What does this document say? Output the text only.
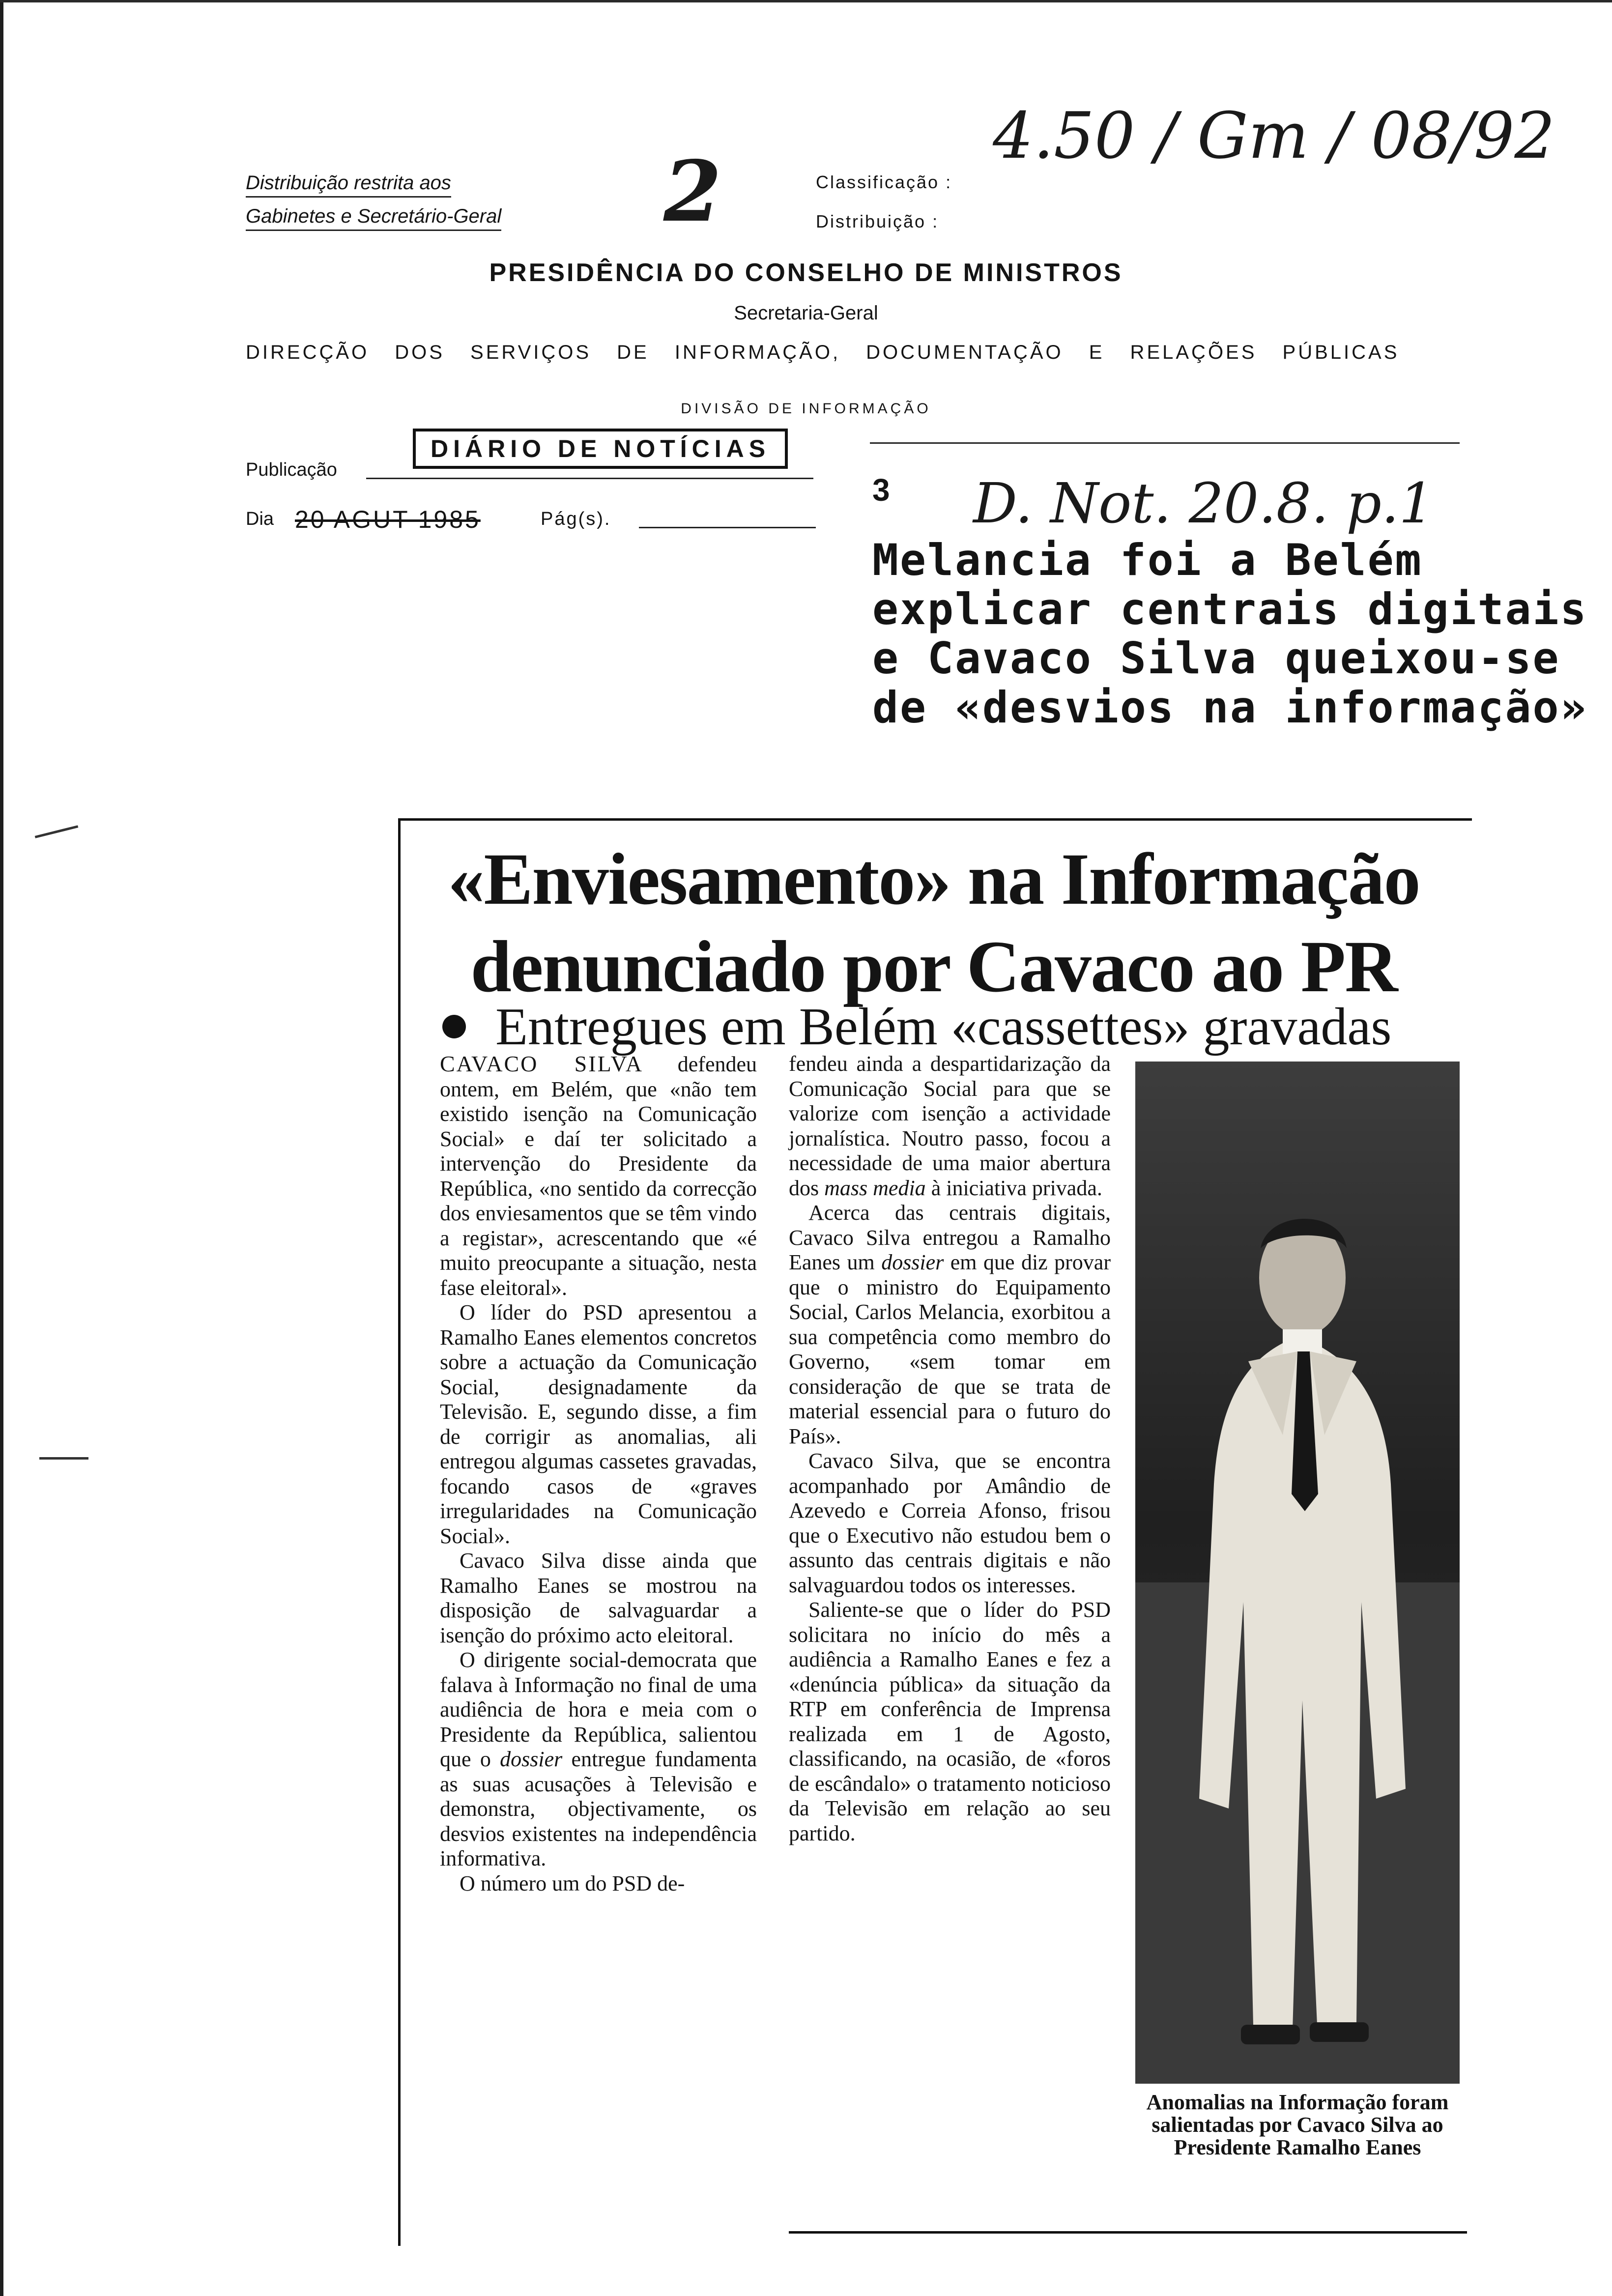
Distribuição restrita aos
Gabinetes e Secretário-Geral 2	Classificação :
4.50 / Gm / 08/92
Distribuição :
PRESIDÊNCIA DO CONSELHO DE MINISTROS
Secretaria-Geral
DIRECÇÃO DOS SERVIÇOS DE INFORMAÇÃO, DOCUMENTAÇÃO E RELAÇÕES PÚBLICAS
DIVISÃO DE INFORMAÇÃO
Publicação
DIÁRIO DE NOTÍCIAS
Dia 20 AGUT 1985	Pág(s).
3 D. Not. 20.8. p.1
Melancia foi a Belém
explicar centrais digitais
e Cavaco Silva queixou-se
de «desvios na informação»
«Enviesamento» na Informação
denunciado por Cavaco ao PR
Entregues em Belém «cassettes» gravadas

CAVACO SILVA defendeu ontem, em Belém, que «não tem existido isenção na Comunicação Social» e daí ter solicitado a intervenção do Presidente da República, «no sentido da correcção dos enviesamentos que se têm vindo a registar», acrescentando que «é muito preocupante a situação, nesta fase eleitoral».

O líder do PSD apresentou a Ramalho Eanes elementos concretos sobre a actuação da Comunicação Social, designadamente da Televisão. E, segundo disse, a fim de corrigir as anomalias, ali entregou algumas cassetes gravadas, focando casos de «graves irregularidades na Comunicação Social».

Cavaco Silva disse ainda que Ramalho Eanes se mostrou na disposição de salvaguardar a isenção do próximo acto eleitoral.

O dirigente social-democrata que falava à Informação no final de uma audiência de hora e meia com o Presidente da República, salientou que o dossier entregue fundamenta as suas acusações à Televisão e demonstra, objectivamente, os desvios existentes na independência informativa.

O número um do PSD de-

fendeu ainda a despartidarização da Comunicação Social para que se valorize com isenção a actividade jornalística. Noutro passo, focou a necessidade de uma maior abertura dos mass media à iniciativa privada.

Acerca das centrais digitais, Cavaco Silva entregou a Ramalho Eanes um dossier em que diz provar que o ministro do Equipamento Social, Carlos Melancia, exorbitou a sua competência como membro do Governo, «sem tomar em consideração de que se trata de material essencial para o futuro do País».

Cavaco Silva, que se encontra acompanhado por Amândio de Azevedo e Correia Afonso, frisou que o Executivo não estudou bem o assunto das centrais digitais e não salvaguardou todos os interesses.

Saliente-se que o líder do PSD solicitara no início do mês a audiência a Ramalho Eanes e fez a «denúncia pública» da situação da RTP em conferência de Imprensa realizada em 1 de Agosto, classificando, na ocasião, de «foros de escândalo» o tratamento noticioso da Televisão em relação ao seu partido.

Anomalias na Informação foram salientadas por Cavaco Silva ao Presidente Ramalho Eanes
